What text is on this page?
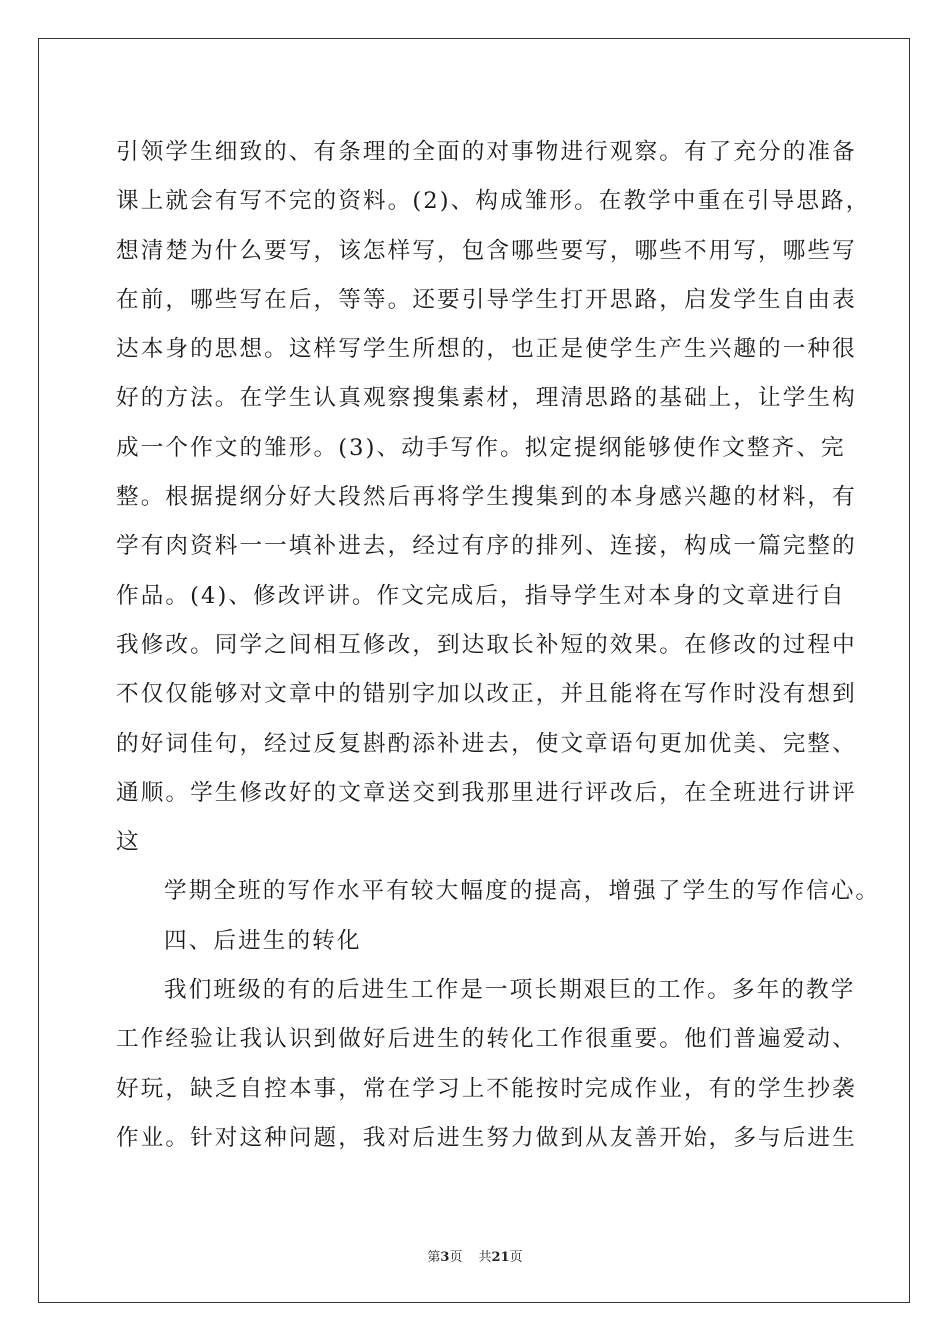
引领学生细致的、有条理的全面的对事物进行观察。有了充分的准备
课上就会有写不完的资料。(2)、构成雏形。在教学中重在引导思路，
想清楚为什么要写，该怎样写，包含哪些要写，哪些不用写，哪些写
在前，哪些写在后，等等。还要引导学生打开思路，启发学生自由表
达本身的思想。这样写学生所想的，也正是使学生产生兴趣的一种很
好的方法。在学生认真观察搜集素材，理清思路的基础上，让学生构
成一个作文的雏形。(3)、动手写作。拟定提纲能够使作文整齐、完
整。根据提纲分好大段然后再将学生搜集到的本身感兴趣的材料，有
学有肉资料一一填补进去，经过有序的排列、连接，构成一篇完整的
作品。(4)、修改评讲。作文完成后，指导学生对本身的文章进行自
我修改。同学之间相互修改，到达取长补短的效果。在修改的过程中
不仅仅能够对文章中的错别字加以改正，并且能将在写作时没有想到
的好词佳句，经过反复斟酌添补进去，使文章语句更加优美、完整、
通顺。学生修改好的文章送交到我那里进行评改后，在全班进行讲评
这
学期全班的写作水平有较大幅度的提高，增强了学生的写作信心。
四、后进生的转化
我们班级的有的后进生工作是一项长期艰巨的工作。多年的教学
工作经验让我认识到做好后进生的转化工作很重要。他们普遍爱动、
好玩，缺乏自控本事，常在学习上不能按时完成作业，有的学生抄袭
作业。针对这种问题，我对后进生努力做到从友善开始，多与后进生
第3页 共21页
